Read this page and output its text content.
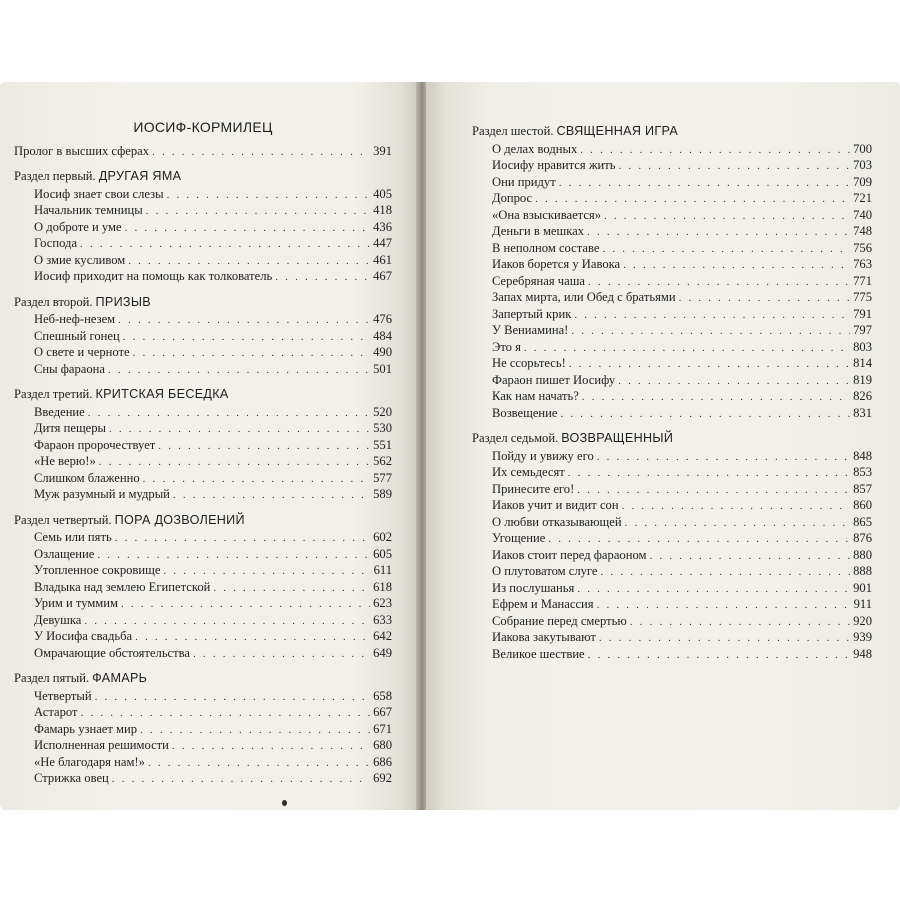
ИОСИФ-КОРМИЛЕЦ
Пролог в высших сферах . . .	391
Раздел первый. ДРУГАЯ ЯМА
Иосиф знает свои слезы . . .	405
Начальник темницы . . .	418
О доброте и уме . . .	436
Господа . . .	447
О змие кусливом . . .	461
Иосиф приходит на помощь как толкователь . . .	467
Раздел второй. ПРИЗЫВ
Неб-неф-незем . . .	476
Спешный гонец . . .	484
О свете и черноте . . .	490
Сны фараона . . .	501
Раздел третий. КРИТСКАЯ БЕСЕДКА
Введение . . .	520
Дитя пещеры . . .	530
Фараон пророчествует . . .	551
«Не верю!» . . .	562
Слишком блаженно . . .	577
Муж разумный и мудрый . . .	589
Раздел четвертый. ПОРА ДОЗВОЛЕНИЙ
Семь или пять . . .	602
Озлащение . . .	605
Утопленное сокровище . . .	611
Владыка над землею Египетской . . .	618
Урим и туммим . . .	623
Девушка . . .	633
У Иосифа свадьба . . .	642
Омрачающие обстоятельства . . .	649
Раздел пятый. ФАМАРЬ
Четвертый . . .	658
Астарот . . .	667
Фамарь узнает мир . . .	671
Исполненная решимости . . .	680
«Не благодаря нам!» . . .	686
Стрижка овец . . .	692
Раздел шестой. СВЯЩЕННАЯ ИГРА
О делах водных . . .	700
Иосифу нравится жить . . .	703
Они придут . . .	709
Допрос . . .	721
«Она взыскивается» . . .	740
Деньги в мешках . . .	748
В неполном составе . . .	756
Иаков борется у Иавока . . .	763
Серебряная чаша . . .	771
Запах мирта, или Обед с братьями . . .	775
Запертый крик . . .	791
У Вениамина! . . .	797
Это я . . .	803
Не ссорьтесь! . . .	814
Фараон пишет Иосифу . . .	819
Как нам начать? . . .	826
Возвещение . . .	831
Раздел седьмой. ВОЗВРАЩЕННЫЙ
Пойду и увижу его . . .	848
Их семьдесят . . .	853
Принесите его! . . .	857
Иаков учит и видит сон . . .	860
О любви отказывающей . . .	865
Угощение . . .	876
Иаков стоит перед фараоном . . .	880
О плутоватом слуге . . .	888
Из послушанья . . .	901
Ефрем и Манассия . . .	911
Собрание перед смертью . . .	920
Иакова закутывают . . .	939
Великое шествие . . .	948
